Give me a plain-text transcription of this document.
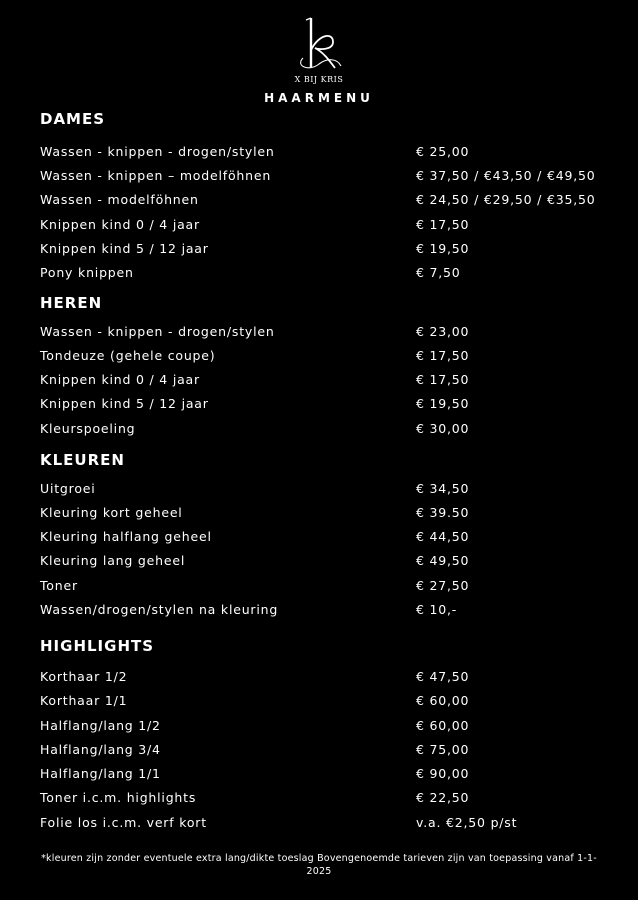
X BIJ KRIS
HAARMENU
DAMES
Wassen - knippen - drogen/stylen	€ 25,00
Wassen - knippen – modelföhnen	€ 37,50 / €43,50 / €49,50
Wassen - modelföhnen	€ 24,50 / €29,50 / €35,50
Knippen kind 0 / 4 jaar	€ 17,50
Knippen kind 5 / 12 jaar	€ 19,50
Pony knippen	€ 7,50
HEREN
Wassen - knippen - drogen/stylen	€ 23,00
Tondeuze (gehele coupe)	€ 17,50
Knippen kind 0 / 4 jaar	€ 17,50
Knippen kind 5 / 12 jaar	€ 19,50
Kleurspoeling	€ 30,00
KLEUREN
Uitgroei	€ 34,50
Kleuring kort geheel	€ 39.50
Kleuring halflang geheel	€ 44,50
Kleuring lang geheel	€ 49,50
Toner	€ 27,50
Wassen/drogen/stylen na kleuring	€ 10,-
HIGHLIGHTS
Korthaar 1/2	€ 47,50
Korthaar 1/1	€ 60,00
Halflang/lang 1/2	€ 60,00
Halflang/lang 3/4	€ 75,00
Halflang/lang 1/1	€ 90,00
Toner i.c.m. highlights	€ 22,50
Folie los i.c.m. verf kort	v.a. €2,50 p/st
*kleuren zijn zonder eventuele extra lang/dikte toeslag Bovengenoemde tarieven zijn van toepassing vanaf 1-1-2025
